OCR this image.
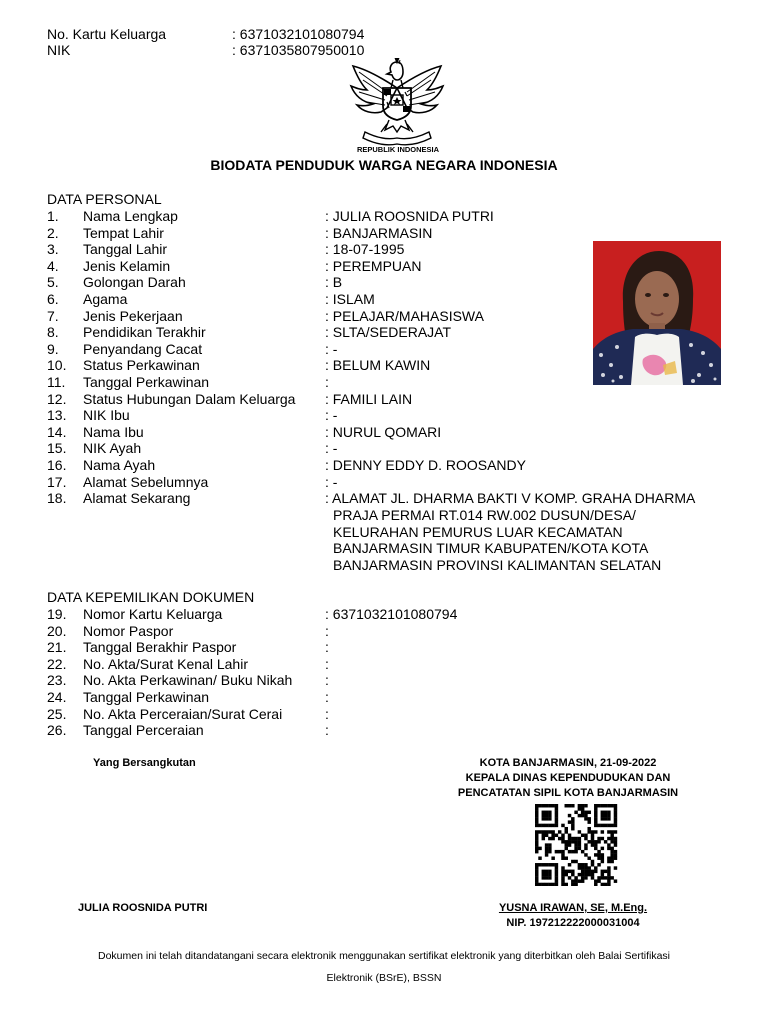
No. Kartu Keluarga	: 6371032101080794
NIK	: 6371035807950010
REPUBLIK INDONESIA
BIODATA PENDUDUK WARGA NEGARA INDONESIA
DATA PERSONAL
1. Nama Lengkap	: JULIA ROOSNIDA PUTRI
2. Tempat Lahir	: BANJARMASIN
3. Tanggal Lahir	: 18-07-1995
4. Jenis Kelamin	: PEREMPUAN
5. Golongan Darah	: B
6. Agama	: ISLAM
7. Jenis Pekerjaan	: PELAJAR/MAHASISWA
8. Pendidikan Terakhir	: SLTA/SEDERAJAT
9. Penyandang Cacat	: -
10. Status Perkawinan	: BELUM KAWIN
11. Tanggal Perkawinan	:
12. Status Hubungan Dalam Keluarga : FAMILI LAIN
13. NIK Ibu	: -
14. Nama Ibu	: NURUL QOMARI
15. NIK Ayah	: -
16. Nama Ayah	: DENNY EDDY D. ROOSANDY
17. Alamat Sebelumnya	: -
18. Alamat Sekarang	: ALAMAT JL. DHARMA BAKTI V KOMP. GRAHA DHARMA
PRAJA PERMAI RT.014 RW.002 DUSUN/DESA/
KELURAHAN PEMURUS LUAR KECAMATAN
BANJARMASIN TIMUR KABUPATEN/KOTA KOTA
BANJARMASIN PROVINSI KALIMANTAN SELATAN
DATA KEPEMILIKAN DOKUMEN
19. Nomor Kartu Keluarga	: 6371032101080794
20. Nomor Paspor	:
21. Tanggal Berakhir Paspor	:
22. No. Akta/Surat Kenal Lahir	:
23. No. Akta Perkawinan/ Buku Nikah :
24. Tanggal Perkawinan	:
25. No. Akta Perceraian/Surat Cerai	:
26. Tanggal Perceraian	:
Yang Bersangkutan	KOTA BANJARMASIN, 21-09-2022
KEPALA DINAS KEPENDUDUKAN DAN
PENCATATAN SIPIL KOTA BANJARMASIN
JULIA ROOSNIDA PUTRI	YUSNA IRAWAN, SE, M.Eng.
NIP. 197212222000031004
Dokumen ini telah ditandatangani secara elektronik menggunakan sertifikat elektronik yang diterbitkan oleh Balai Sertifikasi
Elektronik (BSrE), BSSN
